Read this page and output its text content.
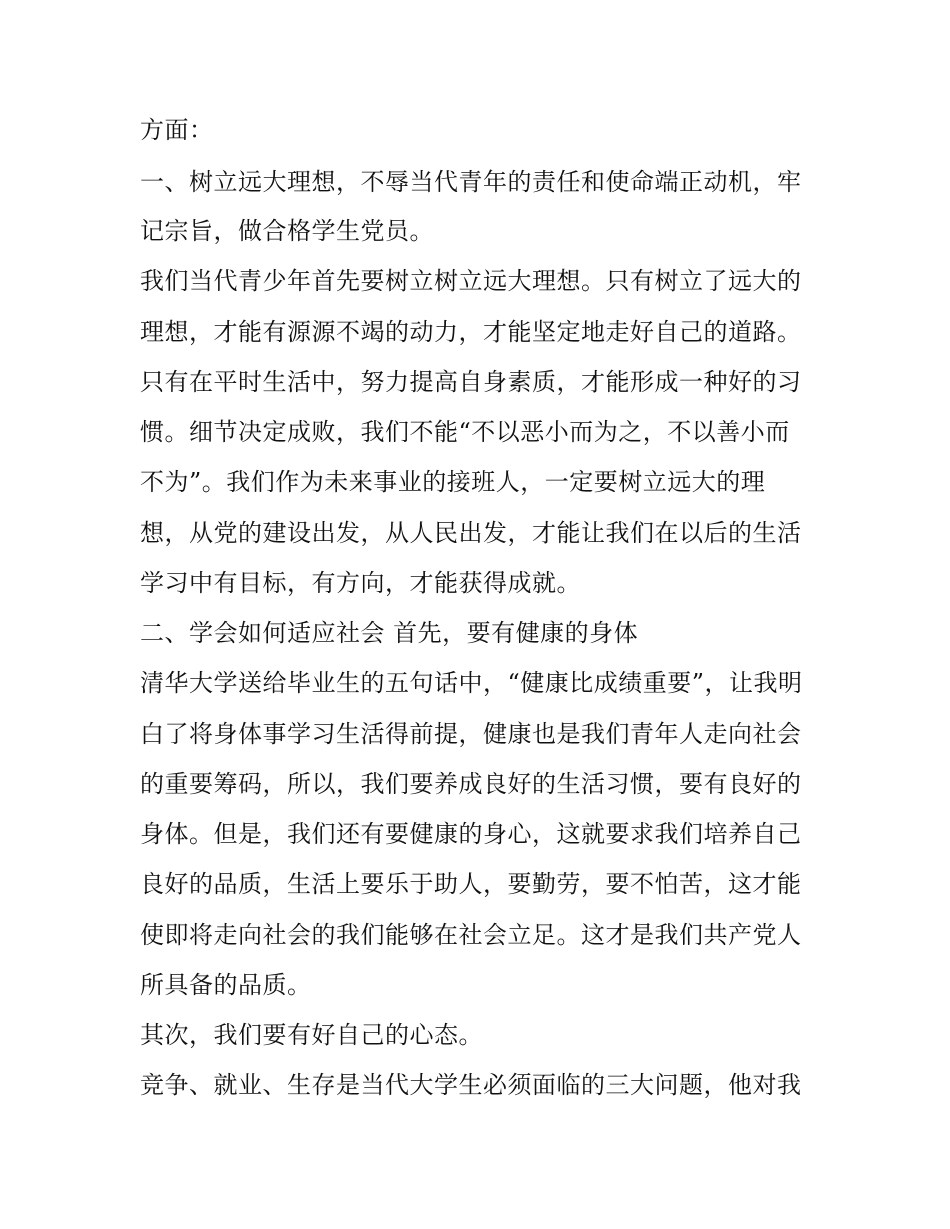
方面：
一、树立远大理想，不辱当代青年的责任和使命端正动机，牢
记宗旨，做合格学生党员。
我们当代青少年首先要树立树立远大理想。只有树立了远大的
理想，才能有源源不竭的动力，才能坚定地走好自己的道路。
只有在平时生活中，努力提高自身素质，才能形成一种好的习
惯。细节决定成败，我们不能“不以恶小而为之，不以善小而
不为”。我们作为未来事业的接班人，一定要树立远大的理
想，从党的建设出发，从人民出发，才能让我们在以后的生活
学习中有目标，有方向，才能获得成就。
二、学会如何适应社会 首先，要有健康的身体
清华大学送给毕业生的五句话中，“健康比成绩重要”，让我明
白了将身体事学习生活得前提，健康也是我们青年人走向社会
的重要筹码，所以，我们要养成良好的生活习惯，要有良好的
身体。但是，我们还有要健康的身心，这就要求我们培养自己
良好的品质，生活上要乐于助人，要勤劳，要不怕苦，这才能
使即将走向社会的我们能够在社会立足。这才是我们共产党人
所具备的品质。
其次，我们要有好自己的心态。
竞争、就业、生存是当代大学生必须面临的三大问题，他对我
